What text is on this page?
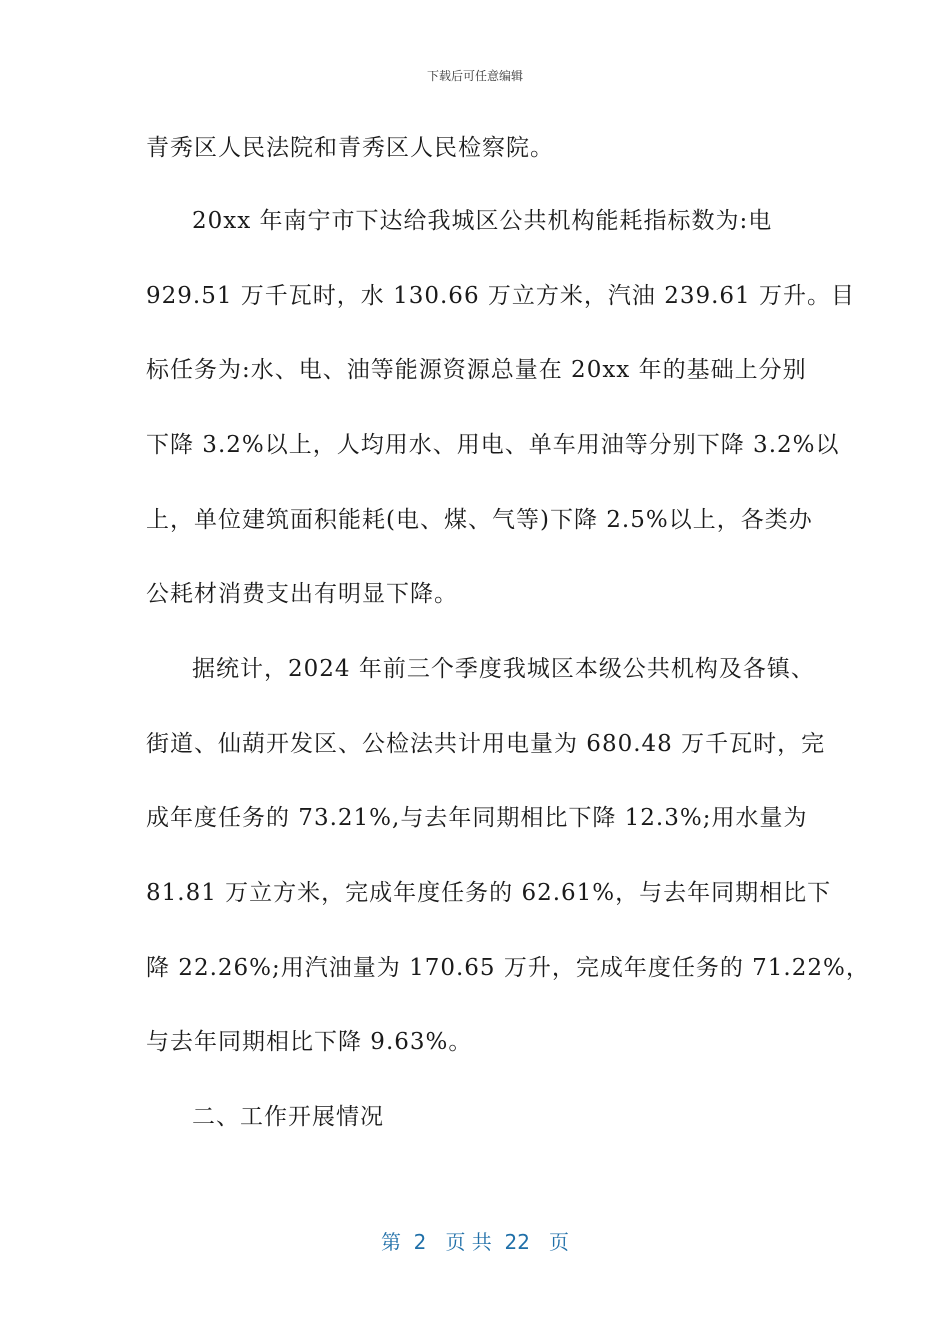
下载后可任意编辑
青秀区人民法院和青秀区人民检察院。
20xx 年南宁市下达给我城区公共机构能耗指标数为:电
929.51 万千瓦时，水 130.66 万立方米，汽油 239.61 万升。目
标任务为:水、电、油等能源资源总量在 20xx 年的基础上分别
下降 3.2%以上，人均用水、用电、单车用油等分别下降 3.2%以
上，单位建筑面积能耗(电、煤、气等)下降 2.5%以上，各类办
公耗材消费支出有明显下降。
据统计，2024 年前三个季度我城区本级公共机构及各镇、
街道、仙葫开发区、公检法共计用电量为 680.48 万千瓦时，完
成年度任务的 73.21%,与去年同期相比下降 12.3%;用水量为
81.81 万立方米，完成年度任务的 62.61%，与去年同期相比下
降 22.26%;用汽油量为 170.65 万升，完成年度任务的 71.22%，
与去年同期相比下降 9.63%。
二、工作开展情况
第  2   页 共  22   页
